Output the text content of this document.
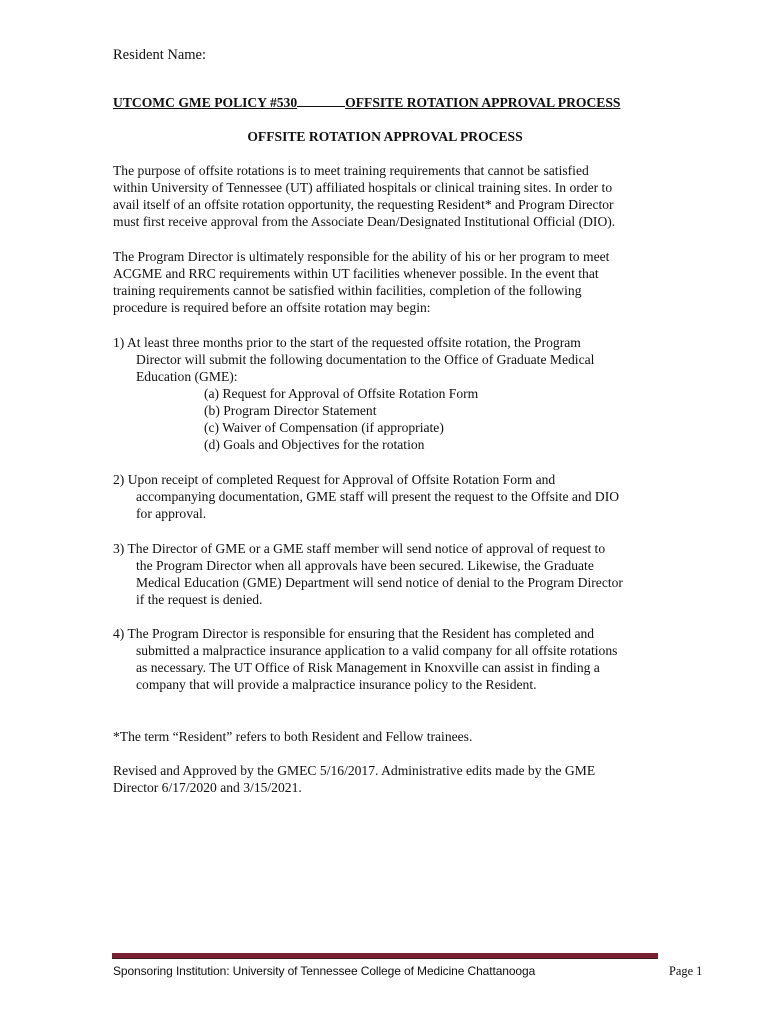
Resident Name:
UTCOMC GME POLICY #530	OFFSITE ROTATION APPROVAL PROCESS
OFFSITE ROTATION APPROVAL PROCESS
The purpose of offsite rotations is to meet training requirements that cannot be satisfied
within University of Tennessee (UT) affiliated hospitals or clinical training sites. In order to
avail itself of an offsite rotation opportunity, the requesting Resident* and Program Director
must first receive approval from the Associate Dean/Designated Institutional Official (DIO).
The Program Director is ultimately responsible for the ability of his or her program to meet
ACGME and RRC requirements within UT facilities whenever possible. In the event that
training requirements cannot be satisfied within facilities, completion of the following
procedure is required before an offsite rotation may begin:
1) At least three months prior to the start of the requested offsite rotation, the Program
Director will submit the following documentation to the Office of Graduate Medical
Education (GME):
(a) Request for Approval of Offsite Rotation Form
(b) Program Director Statement
(c) Waiver of Compensation (if appropriate)
(d) Goals and Objectives for the rotation
2) Upon receipt of completed Request for Approval of Offsite Rotation Form and
accompanying documentation, GME staff will present the request to the Offsite and DIO
for approval.
3) The Director of GME or a GME staff member will send notice of approval of request to
the Program Director when all approvals have been secured. Likewise, the Graduate
Medical Education (GME) Department will send notice of denial to the Program Director
if the request is denied.
4) The Program Director is responsible for ensuring that the Resident has completed and
submitted a malpractice insurance application to a valid company for all offsite rotations
as necessary. The UT Office of Risk Management in Knoxville can assist in finding a
company that will provide a malpractice insurance policy to the Resident.
*The term “Resident” refers to both Resident and Fellow trainees.
Revised and Approved by the GMEC 5/16/2017. Administrative edits made by the GME
Director 6/17/2020 and 3/15/2021.
Sponsoring Institution: University of Tennessee College of Medicine Chattanooga	Page 1
